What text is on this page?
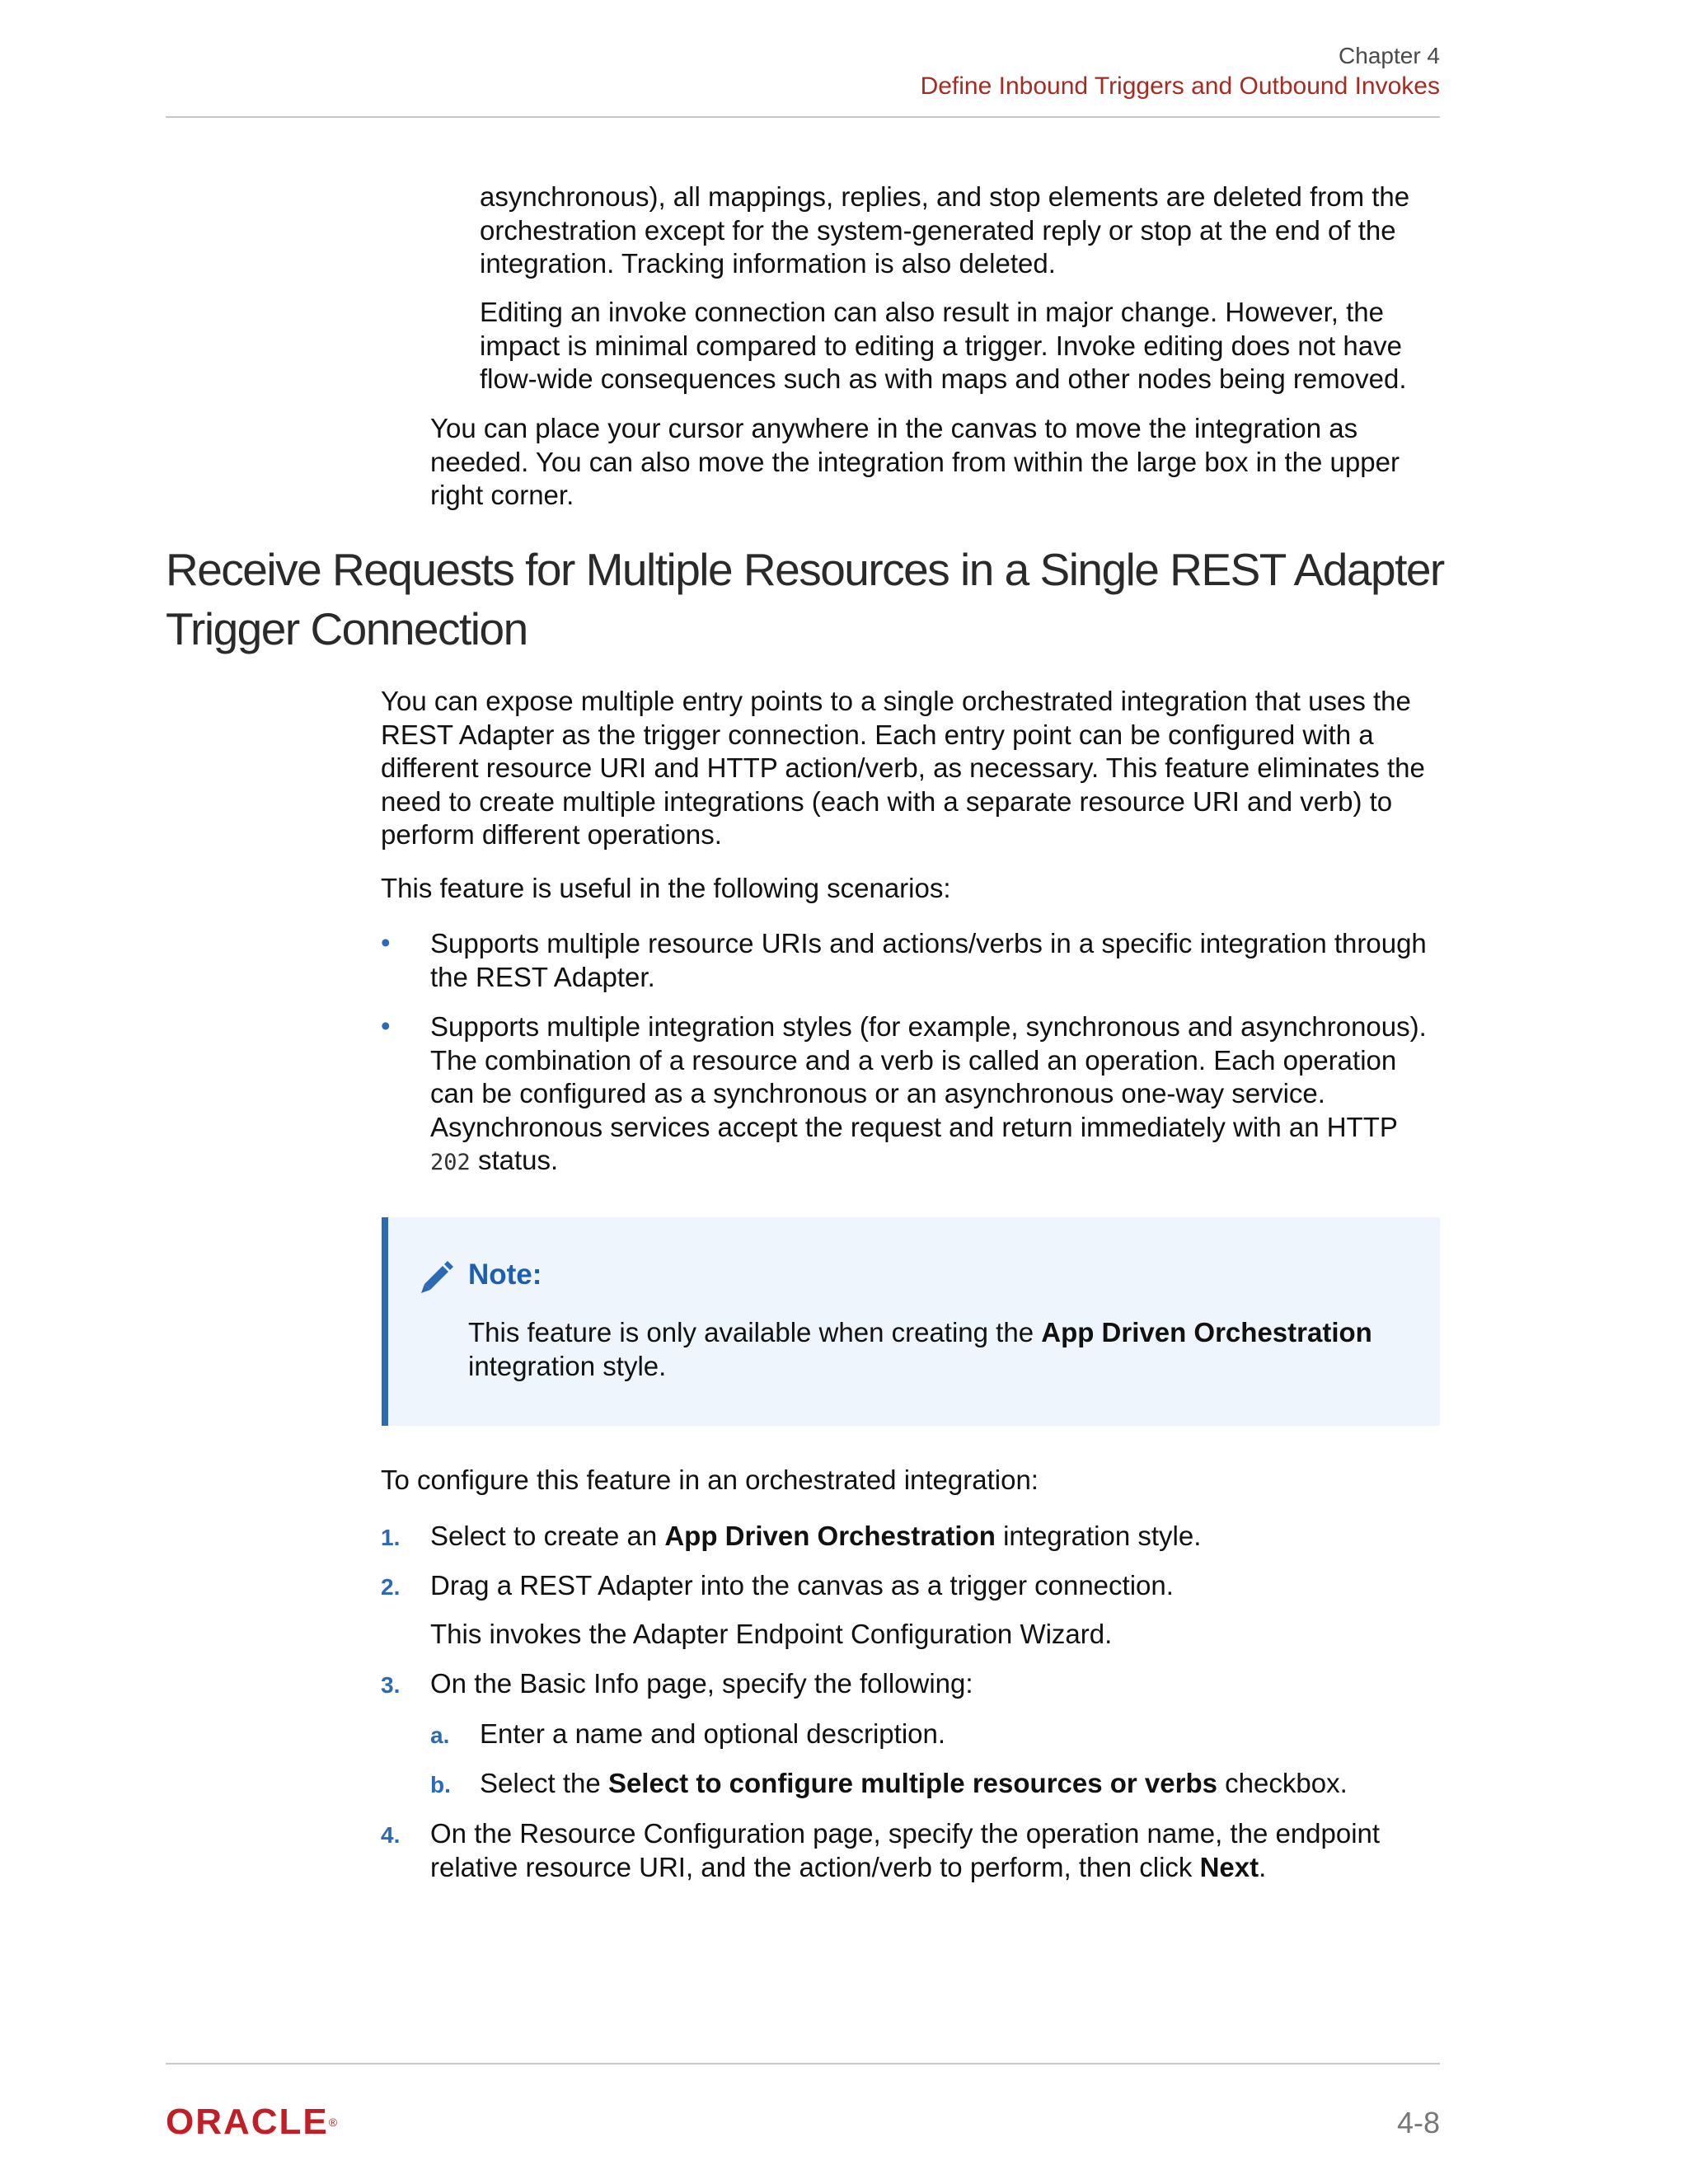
Chapter 4
Define Inbound Triggers and Outbound Invokes

asynchronous), all mappings, replies, and stop elements are deleted from the orchestration except for the system-generated reply or stop at the end of the integration. Tracking information is also deleted.

Editing an invoke connection can also result in major change. However, the impact is minimal compared to editing a trigger. Invoke editing does not have flow-wide consequences such as with maps and other nodes being removed.

You can place your cursor anywhere in the canvas to move the integration as needed. You can also move the integration from within the large box in the upper right corner.

Receive Requests for Multiple Resources in a Single REST Adapter Trigger Connection

You can expose multiple entry points to a single orchestrated integration that uses the REST Adapter as the trigger connection. Each entry point can be configured with a different resource URI and HTTP action/verb, as necessary. This feature eliminates the need to create multiple integrations (each with a separate resource URI and verb) to perform different operations.

This feature is useful in the following scenarios:

• Supports multiple resource URIs and actions/verbs in a specific integration through the REST Adapter.
• Supports multiple integration styles (for example, synchronous and asynchronous). The combination of a resource and a verb is called an operation. Each operation can be configured as a synchronous or an asynchronous one-way service. Asynchronous services accept the request and return immediately with an HTTP 202 status.
Note:
This feature is only available when creating the App Driven Orchestration integration style.
To configure this feature in an orchestrated integration:
1. Select to create an App Driven Orchestration integration style.
2. Drag a REST Adapter into the canvas as a trigger connection.
This invokes the Adapter Endpoint Configuration Wizard.
3. On the Basic Info page, specify the following:
a. Enter a name and optional description.
b. Select the Select to configure multiple resources or verbs checkbox.
4. On the Resource Configuration page, specify the operation name, the endpoint relative resource URI, and the action/verb to perform, then click Next.
ORACLE®	4-8
